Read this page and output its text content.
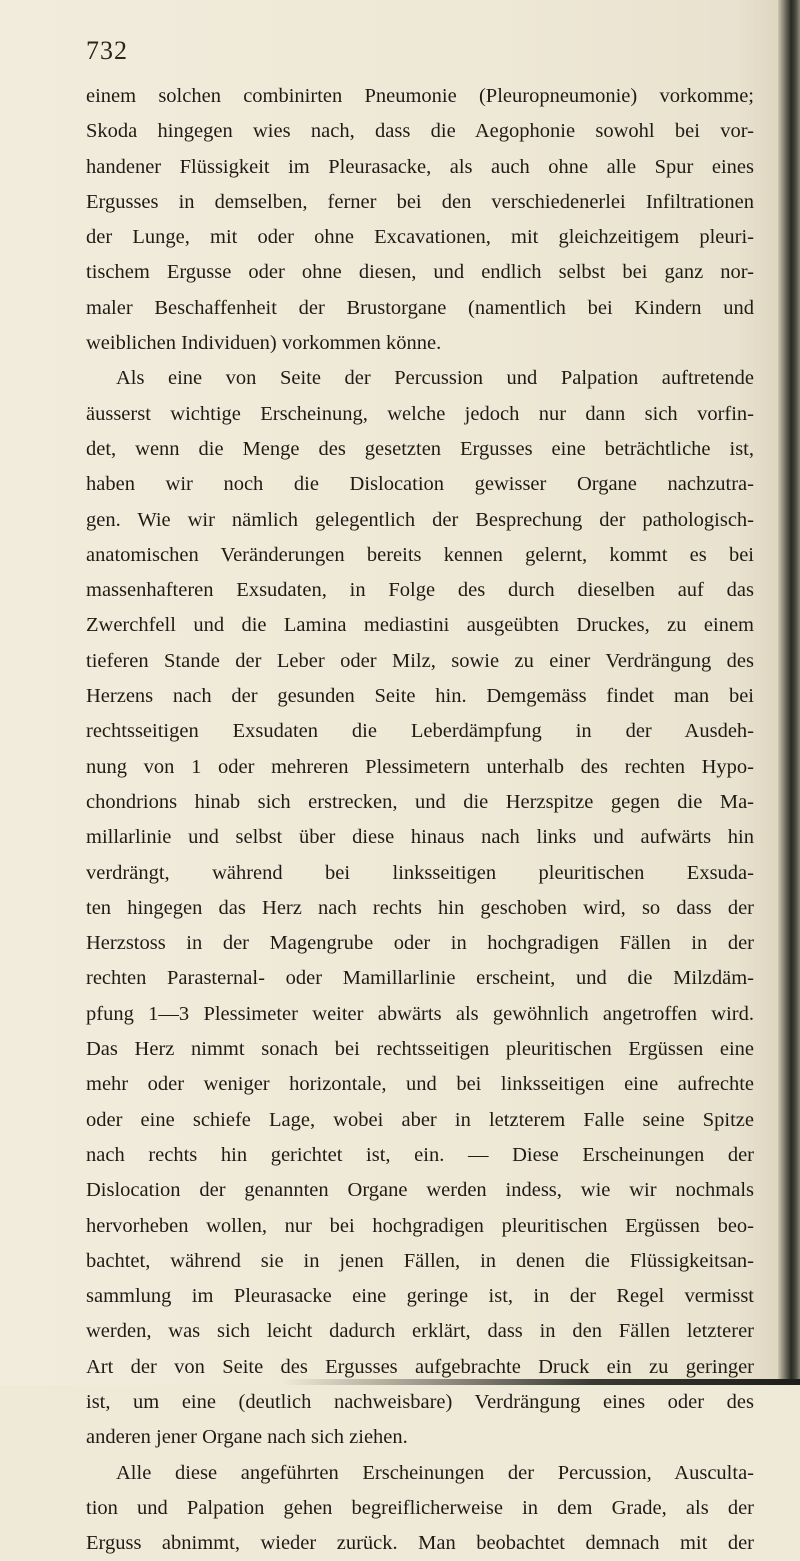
732
einem solchen combinirten Pneumonie (Pleuropneumonie) vorkomme;
Skoda hingegen wies nach, dass die Aegophonie sowohl bei vor-
handener Flüssigkeit im Pleurasacke, als auch ohne alle Spur eines
Ergusses in demselben, ferner bei den verschiedenerlei Infiltrationen
der Lunge, mit oder ohne Excavationen, mit gleichzeitigem pleuri-
tischem Ergusse oder ohne diesen, und endlich selbst bei ganz nor-
maler Beschaffenheit der Brustorgane (namentlich bei Kindern und
weiblichen Individuen) vorkommen könne.
Als eine von Seite der Percussion und Palpation auftretende
äusserst wichtige Erscheinung, welche jedoch nur dann sich vorfin-
det, wenn die Menge des gesetzten Ergusses eine beträchtliche ist,
haben wir noch die Dislocation gewisser Organe nachzutra-
gen. Wie wir nämlich gelegentlich der Besprechung der pathologisch-
anatomischen Veränderungen bereits kennen gelernt, kommt es bei
massenhafteren Exsudaten, in Folge des durch dieselben auf das
Zwerchfell und die Lamina mediastini ausgeübten Druckes, zu einem
tieferen Stande der Leber oder Milz, sowie zu einer Verdrängung des
Herzens nach der gesunden Seite hin. Demgemäss findet man bei
rechtsseitigen Exsudaten die Leberdämpfung in der Ausdeh-
nung von 1 oder mehreren Plessimetern unterhalb des rechten Hypo-
chondrions hinab sich erstrecken, und die Herzspitze gegen die Ma-
millarlinie und selbst über diese hinaus nach links und aufwärts hin
verdrängt, während bei linksseitigen pleuritischen Exsuda-
ten hingegen das Herz nach rechts hin geschoben wird, so dass der
Herzstoss in der Magengrube oder in hochgradigen Fällen in der
rechten Parasternal- oder Mamillarlinie erscheint, und die Milzdäm-
pfung 1—3 Plessimeter weiter abwärts als gewöhnlich angetroffen wird.
Das Herz nimmt sonach bei rechtsseitigen pleuritischen Ergüssen eine
mehr oder weniger horizontale, und bei linksseitigen eine aufrechte
oder eine schiefe Lage, wobei aber in letzterem Falle seine Spitze
nach rechts hin gerichtet ist, ein. — Diese Erscheinungen der
Dislocation der genannten Organe werden indess, wie wir nochmals
hervorheben wollen, nur bei hochgradigen pleuritischen Ergüssen beo-
bachtet, während sie in jenen Fällen, in denen die Flüssigkeitsan-
sammlung im Pleurasacke eine geringe ist, in der Regel vermisst
werden, was sich leicht dadurch erklärt, dass in den Fällen letzterer
Art der von Seite des Ergusses aufgebrachte Druck ein zu geringer
ist, um eine (deutlich nachweisbare) Verdrängung eines oder des
anderen jener Organe nach sich ziehen.
Alle diese angeführten Erscheinungen der Percussion, Ausculta-
tion und Palpation gehen begreiflicherweise in dem Grade, als der
Erguss abnimmt, wieder zurück. Man beobachtet demnach mit der
